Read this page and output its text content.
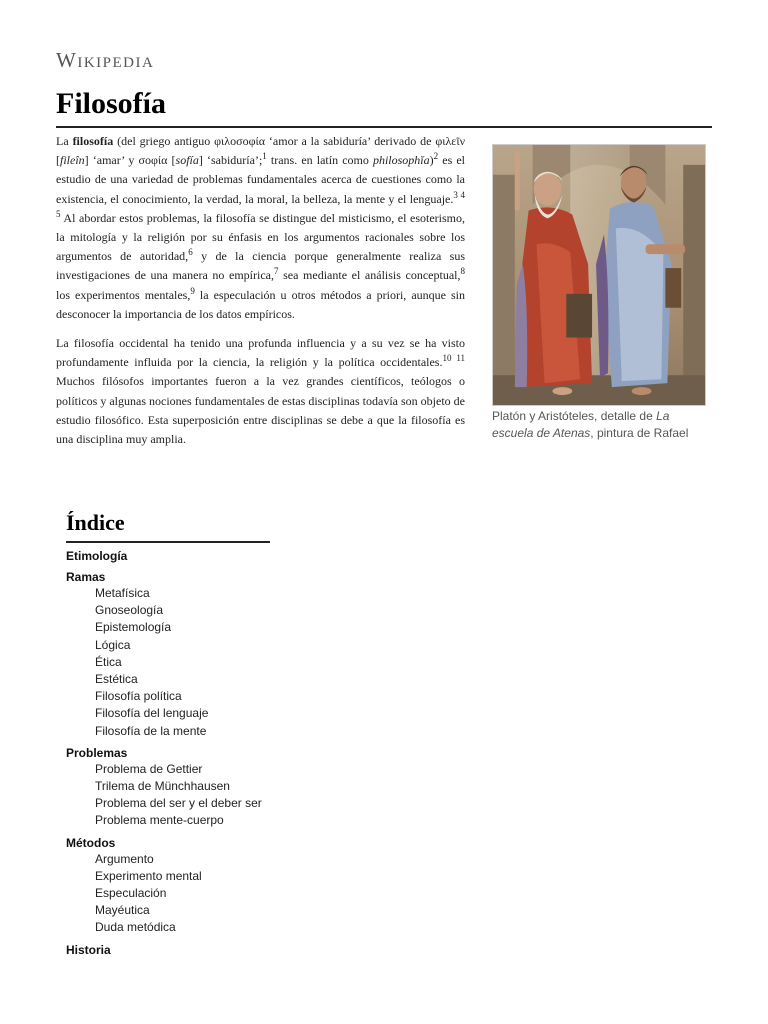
Wikipedia
Filosofía

La filosofía (del griego antiguo φιλοσοφία ‘amor a la sabiduría’ derivado de φιλεῖν [fileîn] ‘amar’ y σοφία [sofía] ‘sabiduría’;$^1$ trans. en latín como philosophĭa)$^2$ es el estudio de una variedad de problemas fundamentales acerca de cuestiones como la existencia, el conocimiento, la verdad, la moral, la belleza, la mente y el lenguaje.$^{3 4 5}$ Al abordar estos problemas, la filosofía se distingue del misticismo, el esoterismo, la mitología y la religión por su énfasis en los argumentos racionales sobre los argumentos de autoridad,$^6$ y de la ciencia porque generalmente realiza sus investigaciones de una manera no empírica,$^7$ sea mediante el análisis conceptual,$^8$ los experimentos mentales,$^9$ la especulación u otros métodos a priori, aunque sin desconocer la importancia de los datos empíricos.

La filosofía occidental ha tenido una profunda influencia y a su vez se ha visto profundamente influida por la ciencia, la religión y la política occidentales.$^{10 11}$ Muchos filósofos importantes fueron a la vez grandes científicos, teólogos o políticos y algunas nociones fundamentales de estas disciplinas todavía son objeto de estudio filosófico. Esta superposición entre disciplinas se debe a que la filosofía es una disciplina muy amplia.

Platón y Aristóteles, detalle de La escuela de Atenas, pintura de Rafael
Índice
Etimología
Ramas
Metafísica
Gnoseología
Epistemología
Lógica
Ética
Estética
Filosofía política
Filosofía del lenguaje
Filosofía de la mente
Problemas
Problema de Gettier
Trilema de Münchhausen
Problema del ser y el deber ser
Problema mente-cuerpo
Métodos
Argumento
Experimento mental
Especulación
Mayéutica
Duda metódica
Historia
